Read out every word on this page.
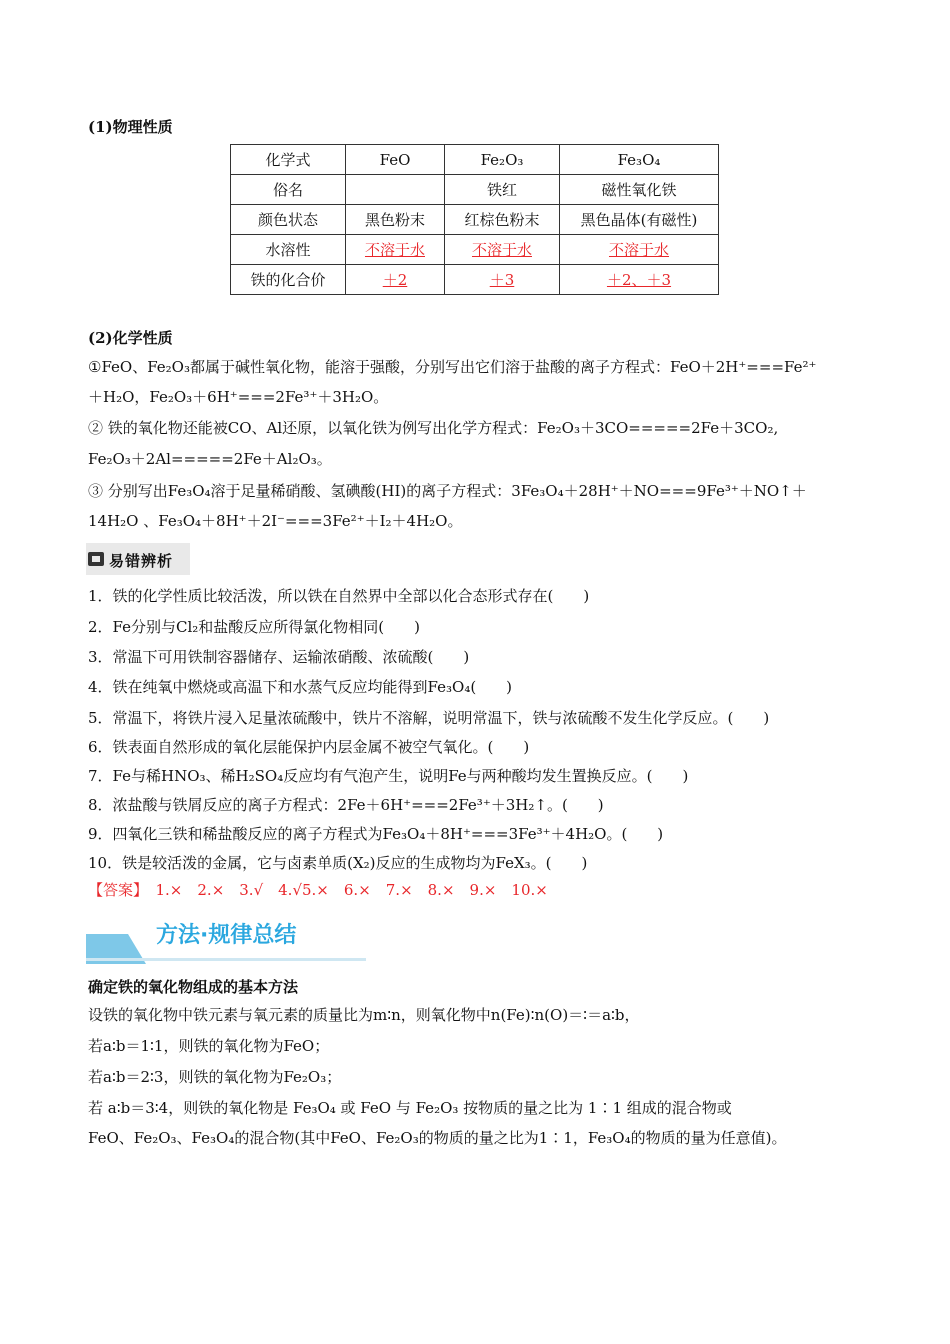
(1)物理性质
化学式	FeO	Fe₂O₃	Fe₃O₄
俗名		铁红	磁性氧化铁
颜色状态	黑色粉末	红棕色粉末	黑色晶体(有磁性)
水溶性	不溶于水	不溶于水	不溶于水
铁的化合价	＋2	＋3	＋2、＋3
(2)化学性质
①FeO、Fe₂O₃都属于碱性氧化物，能溶于强酸，分别写出它们溶于盐酸的离子方程式：FeO＋2H⁺===Fe²⁺
＋H₂O，Fe₂O₃＋6H⁺===2Fe³⁺＋3H₂O。
② 铁的氧化物还能被CO、Al还原，以氧化铁为例写出化学方程式：Fe₂O₃＋3CO=====2Fe＋3CO₂,
Fe₂O₃＋2Al=====2Fe＋Al₂O₃。
③ 分别写出Fe₃O₄溶于足量稀硝酸、氢碘酸(HI)的离子方程式：3Fe₃O₄＋28H⁺＋NO===9Fe³⁺＋NO↑＋
14H₂O 、Fe₃O₄＋8H⁺＋2I⁻===3Fe²⁺＋I₂＋4H₂O。
易错辨析
1．铁的化学性质比较活泼，所以铁在自然界中全部以化合态形式存在(　　)
2．Fe分别与Cl₂和盐酸反应所得氯化物相同(　　)
3．常温下可用铁制容器储存、运输浓硝酸、浓硫酸(　　)
4．铁在纯氧中燃烧或高温下和水蒸气反应均能得到Fe₃O₄(　　)
5．常温下，将铁片浸入足量浓硫酸中，铁片不溶解，说明常温下，铁与浓硫酸不发生化学反应。(　　)
6．铁表面自然形成的氧化层能保护内层金属不被空气氧化。(　　)
7．Fe与稀HNO₃、稀H₂SO₄反应均有气泡产生，说明Fe与两种酸均发生置换反应。(　　)
8．浓盐酸与铁屑反应的离子方程式：2Fe＋6H⁺===2Fe³⁺＋3H₂↑。(　　)
9．四氧化三铁和稀盐酸反应的离子方程式为Fe₃O₄＋8H⁺===3Fe³⁺＋4H₂O。(　　)
10．铁是较活泼的金属，它与卤素单质(X₂)反应的生成物均为FeX₃。(　　)
【答案】　1.×　2.×　3.√　4.√5.×　6.×　7.×　8.×　9.×　10.×
方法·规律总结
确定铁的氧化物组成的基本方法
设铁的氧化物中铁元素与氧元素的质量比为m∶n，则氧化物中n(Fe)∶n(O)＝∶＝a∶b，
若a∶b＝1∶1，则铁的氧化物为FeO；
若a∶b＝2∶3，则铁的氧化物为Fe₂O₃；
若 a∶b＝3∶4，则铁的氧化物是 Fe₃O₄ 或 FeO 与 Fe₂O₃ 按物质的量之比为 1∶1 组成的混合物或
FeO、Fe₂O₃、Fe₃O₄的混合物(其中FeO、Fe₂O₃的物质的量之比为1∶1，Fe₃O₄的物质的量为任意值)。
